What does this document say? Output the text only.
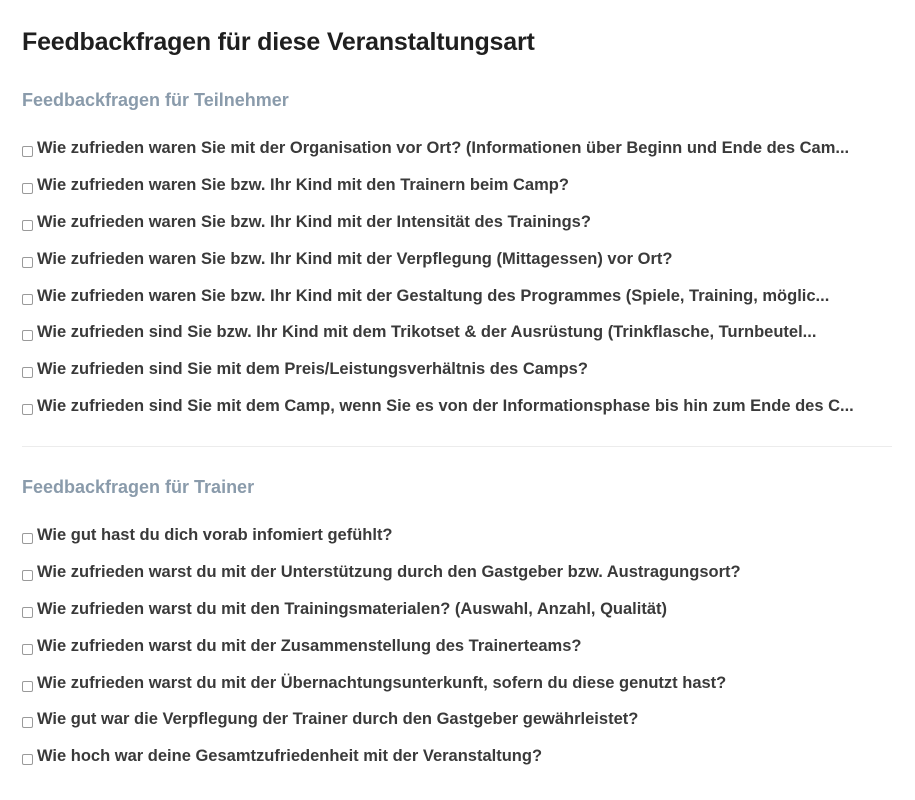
Feedbackfragen für diese Veranstaltungsart
Feedbackfragen für Teilnehmer
Wie zufrieden waren Sie mit der Organisation vor Ort? (Informationen über Beginn und Ende des Cam...
Wie zufrieden waren Sie bzw. Ihr Kind mit den Trainern beim Camp?
Wie zufrieden waren Sie bzw. Ihr Kind mit der Intensität des Trainings?
Wie zufrieden waren Sie bzw. Ihr Kind mit der Verpflegung (Mittagessen) vor Ort?
Wie zufrieden waren Sie bzw. Ihr Kind mit der Gestaltung des Programmes (Spiele, Training, möglic...
Wie zufrieden sind Sie bzw. Ihr Kind mit dem Trikotset & der Ausrüstung (Trinkflasche, Turnbeutel...
Wie zufrieden sind Sie mit dem Preis/Leistungsverhältnis des Camps?
Wie zufrieden sind Sie mit dem Camp, wenn Sie es von der Informationsphase bis hin zum Ende des C...
Feedbackfragen für Trainer
Wie gut hast du dich vorab infomiert gefühlt?
Wie zufrieden warst du mit der Unterstützung durch den Gastgeber bzw. Austragungsort?
Wie zufrieden warst du mit den Trainingsmaterialen? (Auswahl, Anzahl, Qualität)
Wie zufrieden warst du mit der Zusammenstellung des Trainerteams?
Wie zufrieden warst du mit der Übernachtungsunterkunft, sofern du diese genutzt hast?
Wie gut war die Verpflegung der Trainer durch den Gastgeber gewährleistet?
Wie hoch war deine Gesamtzufriedenheit mit der Veranstaltung?
